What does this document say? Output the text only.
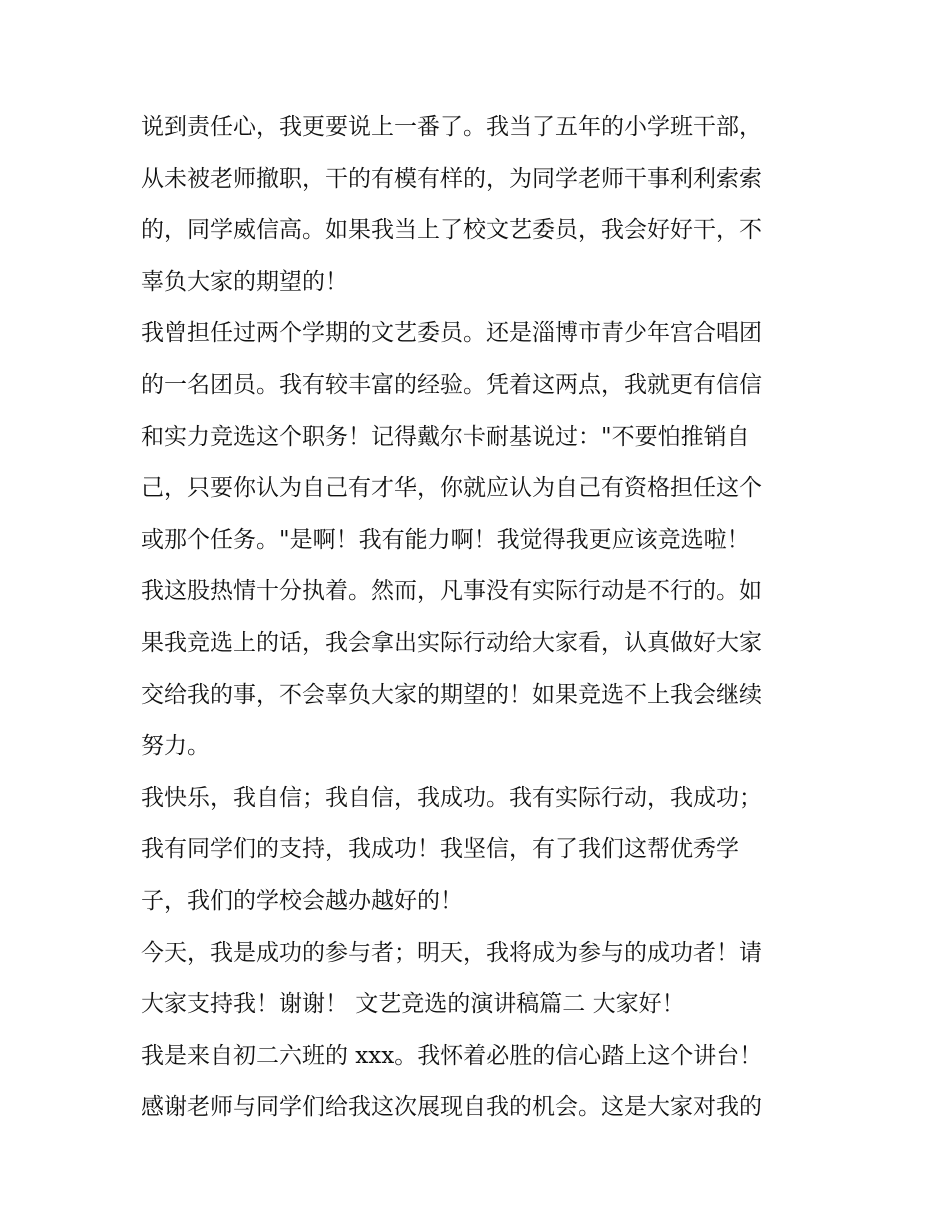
说到责任心，我更要说上一番了。我当了五年的小学班干部，
从未被老师撤职，干的有模有样的，为同学老师干事利利索索
的，同学威信高。如果我当上了校文艺委员，我会好好干，不
辜负大家的期望的！
我曾担任过两个学期的文艺委员。还是淄博市青少年宫合唱团
的一名团员。我有较丰富的经验。凭着这两点，我就更有信信
和实力竞选这个职务！记得戴尔卡耐基说过："不要怕推销自
己，只要你认为自己有才华，你就应认为自己有资格担任这个
或那个任务。"是啊！我有能力啊！我觉得我更应该竞选啦！
我这股热情十分执着。然而，凡事没有实际行动是不行的。如
果我竞选上的话，我会拿出实际行动给大家看，认真做好大家
交给我的事，不会辜负大家的期望的！如果竞选不上我会继续
努力。
我快乐，我自信；我自信，我成功。我有实际行动，我成功；
我有同学们的支持，我成功！我坚信，有了我们这帮优秀学
子，我们的学校会越办越好的！
今天，我是成功的参与者；明天，我将成为参与的成功者！请
大家支持我！谢谢！ 文艺竞选的演讲稿篇二 大家好！
我是来自初二六班的 xxx。我怀着必胜的信心踏上这个讲台！
感谢老师与同学们给我这次展现自我的机会。这是大家对我的
